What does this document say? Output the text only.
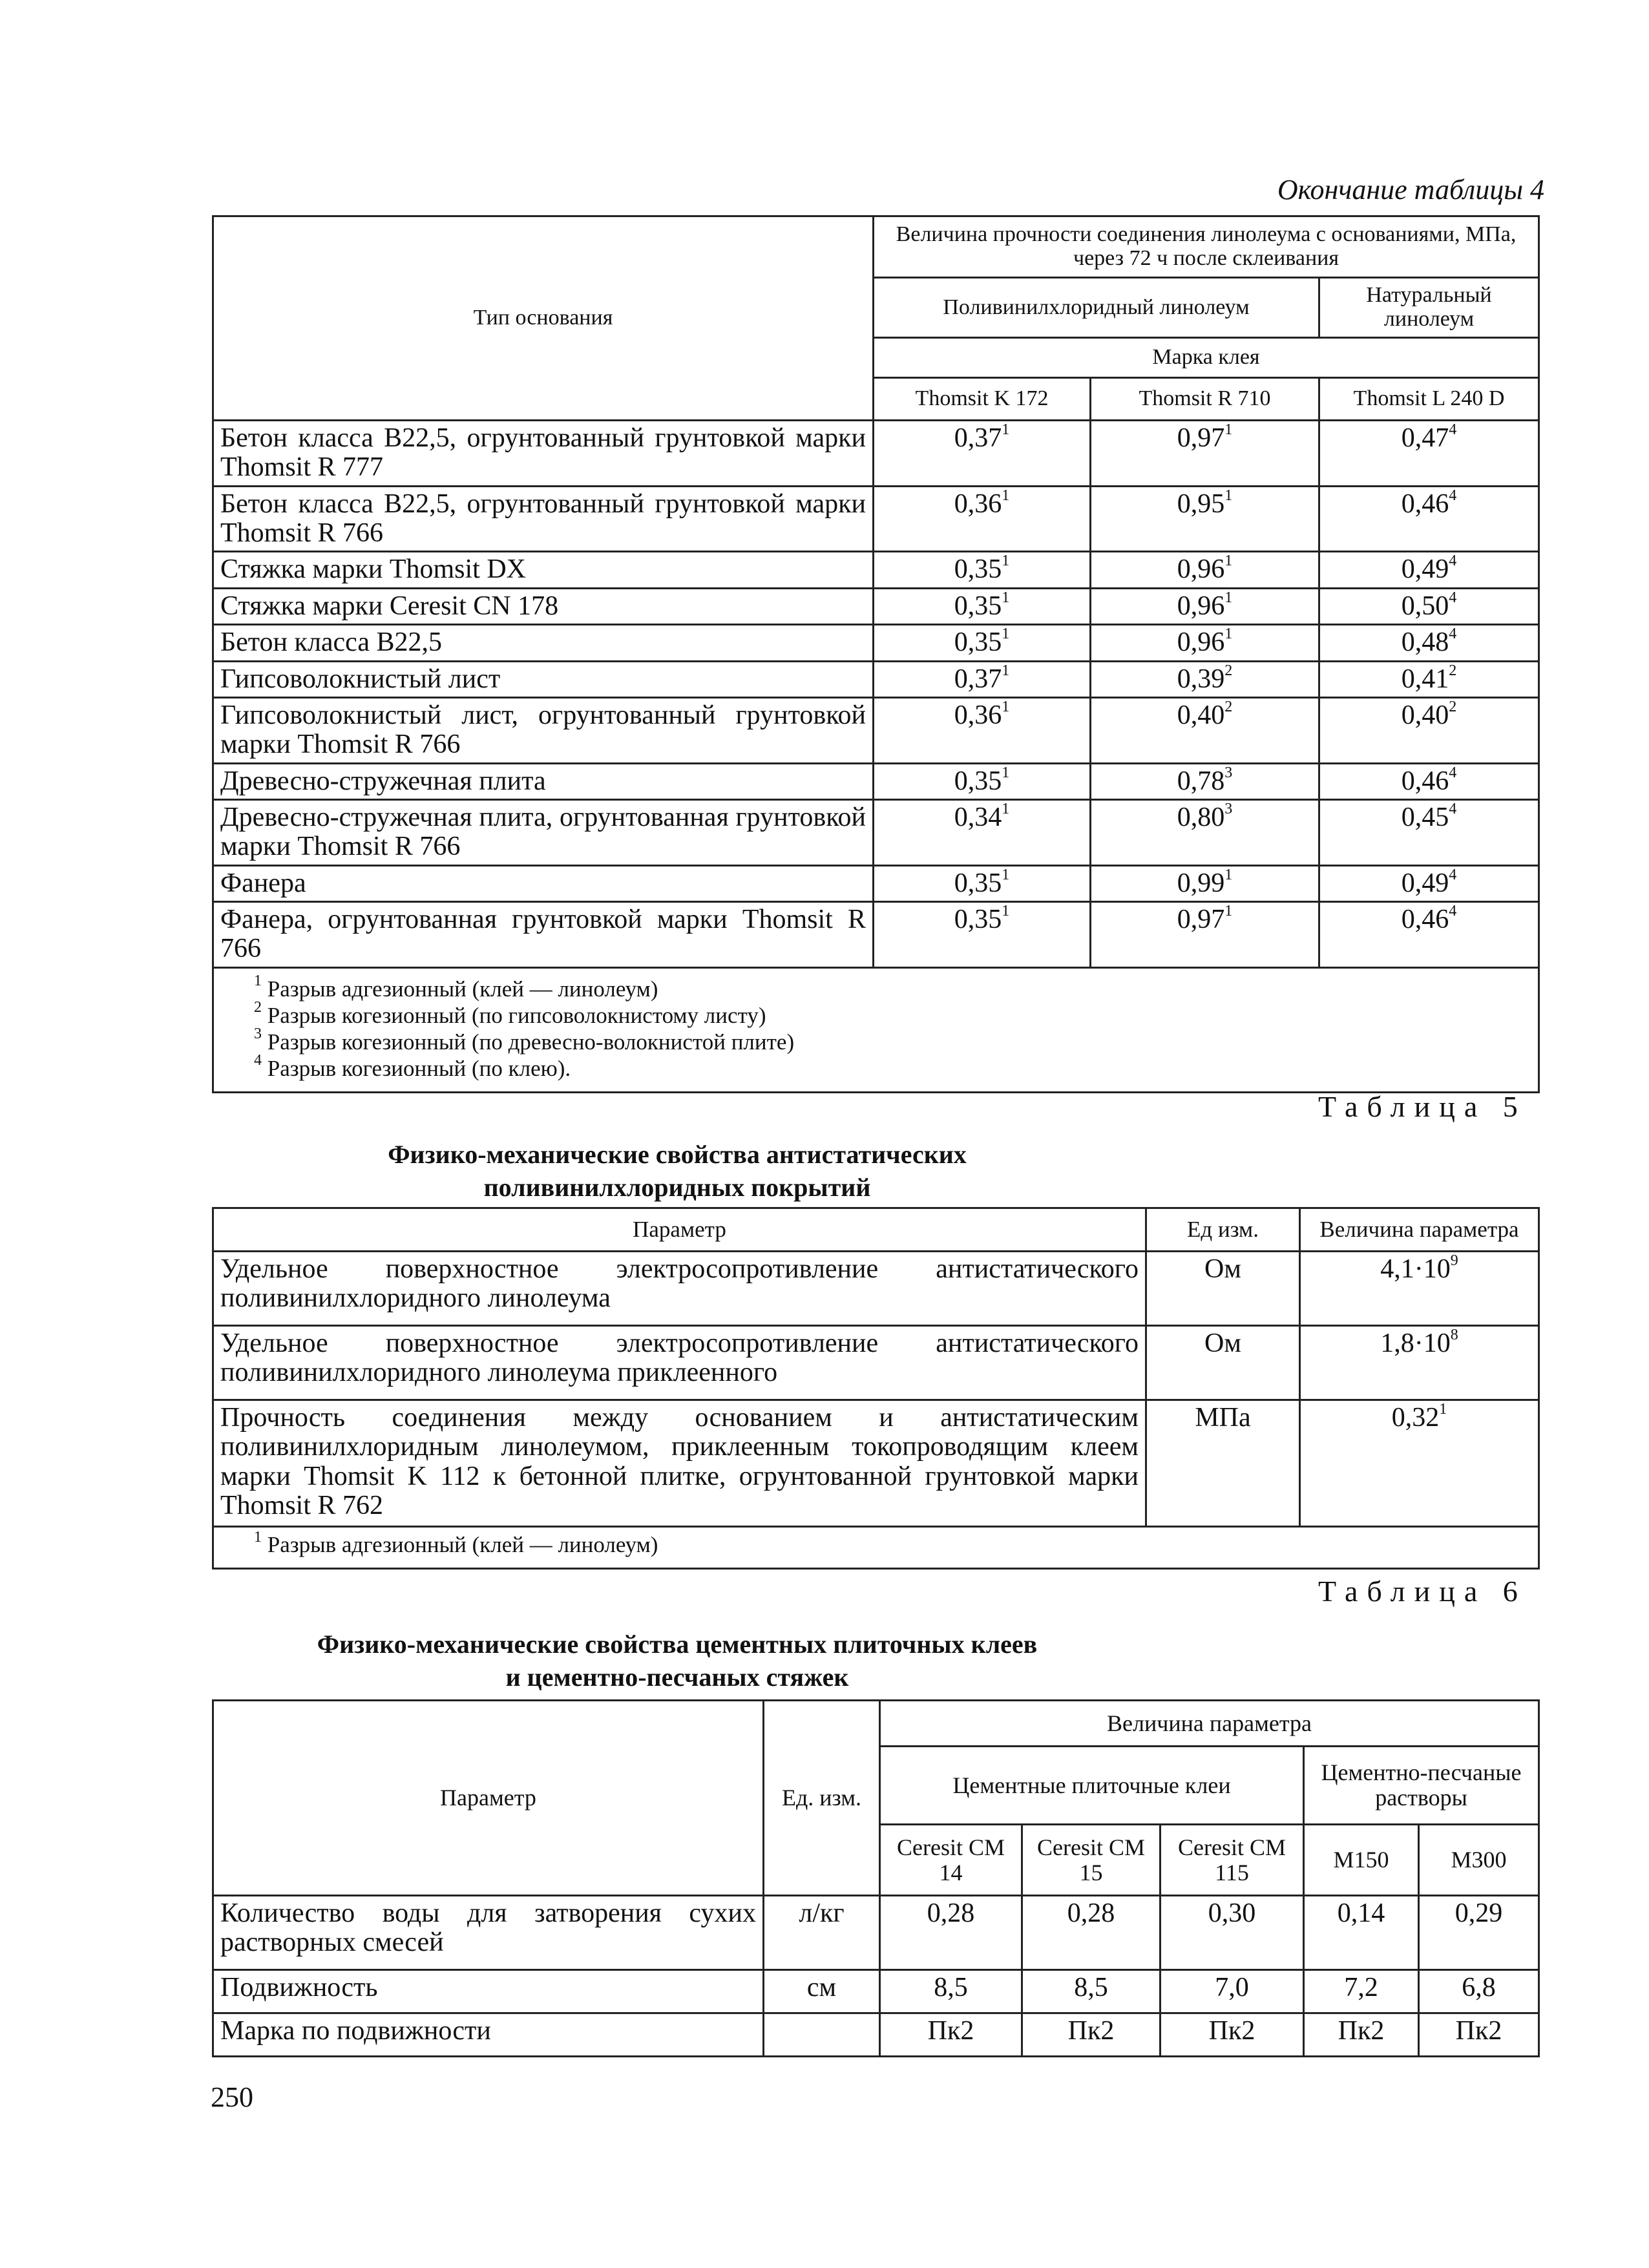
Окончание таблицы 4
Тип основания	Величина прочности соединения линолеума с основаниями, МПа, через 72 ч после склеивания		
	Поливинилхлоридный линолеум		Натуральный линолеум
	Марка клея		
	Thomsit K 172	Thomsit R 710	Thomsit L 240 D
Бетон класса В22,5, огрунтованный грунтовкой марки Thomsit R 777	0,37$^1$	0,97$^1$	0,47$^4$
Бетон класса В22,5, огрунтованный грунтовкой марки Thomsit R 766	0,36$^1$	0,95$^1$	0,46$^4$
Стяжка марки Thomsit DX	0,35$^1$	0,96$^1$	0,49$^4$
Стяжка марки Ceresit CN 178	0,35$^1$	0,96$^1$	0,50$^4$
Бетон класса В22,5	0,35$^1$	0,96$^1$	0,48$^4$
Гипсоволокнистый лист	0,37$^1$	0,39$^2$	0,41$^2$
Гипсоволокнистый лист, огрунтованный грунтовкой марки Thomsit R 766	0,36$^1$	0,40$^2$	0,40$^2$
Древесно-стружечная плита	0,35$^1$	0,78$^3$	0,46$^4$
Древесно-стружечная плита, огрунтованная грунтовкой марки Thomsit R 766	0,34$^1$	0,80$^3$	0,45$^4$
Фанера	0,35$^1$	0,99$^1$	0,49$^4$
Фанера, огрунтованная грунтовкой марки Thomsit R 766	0,35$^1$	0,97$^1$	0,46$^4$

$^1$ Разрыв адгезионный (клей — линолеум)
$^2$ Разрыв когезионный (по гипсоволокнистому листу)
$^3$ Разрыв когезионный (по древесно-волокнистой плите)
$^4$ Разрыв когезионный (по клею).			
Таблица 5
Физико-механические свойства антистатических
поливинилхлоридных покрытий
Параметр	Ед изм.	Величина параметра
Удельное поверхностное электросопротивление антистатического поливинилхлоридного линолеума	Ом	$4,1\cdot 10^9$
Удельное поверхностное электросопротивление антистатического поливинилхлоридного линолеума приклеенного	Ом	$1,8\cdot 10^8$
Прочность соединения между основанием и антистатическим поливинилхлоридным линолеумом, приклеенным токопроводящим клеем марки Thomsit K 112 к бетонной плитке, огрунтованной грунтовкой марки Thomsit R 762	МПа	0,32$^1$
$^1$ Разрыв адгезионный (клей — линолеум)		
Таблица 6
Физико-механические свойства цементных плиточных клеев
и цементно-песчаных стяжек
Параметр	Ед. изм.	Величина параметра				
		Цементные плиточные клеи			Цементно-песчаные растворы	
		Ceresit CM 14	Ceresit CM 15	Ceresit CM 115	M150	M300
Количество воды для затворения сухих растворных смесей	л/кг	0,28	0,28	0,30	0,14	0,29
Подвижность	см	8,5	8,5	7,0	7,2	6,8
Марка по подвижности		Пк2	Пк2	Пк2	Пк2	Пк2
250
